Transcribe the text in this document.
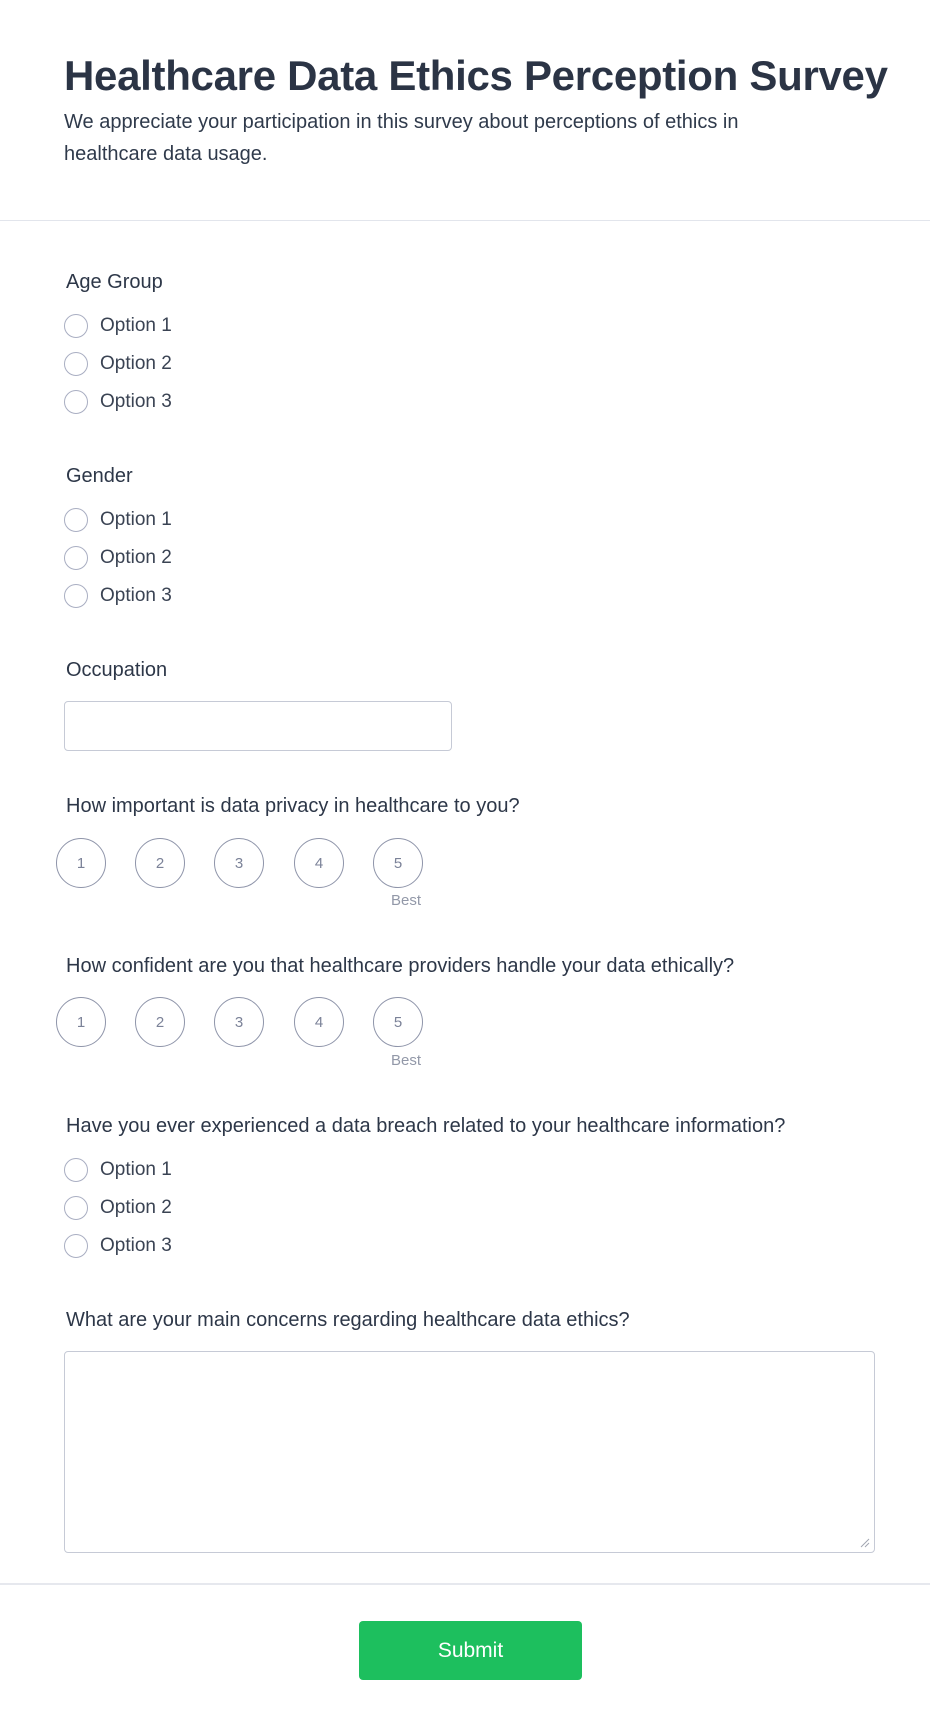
Healthcare Data Ethics Perception Survey

We appreciate your participation in this survey about perceptions of ethics in healthcare data usage.

Age Group
Option 1
Option 2
Option 3
Gender
Option 1
Option 2
Option 3
Occupation
How important is data privacy in healthcare to you?
1	2	3	4	5
Best
How confident are you that healthcare providers handle your data ethically?
1	2	3	4	5
Best
Have you ever experienced a data breach related to your healthcare information?
Option 1
Option 2
Option 3
What are your main concerns regarding healthcare data ethics?
Submit
